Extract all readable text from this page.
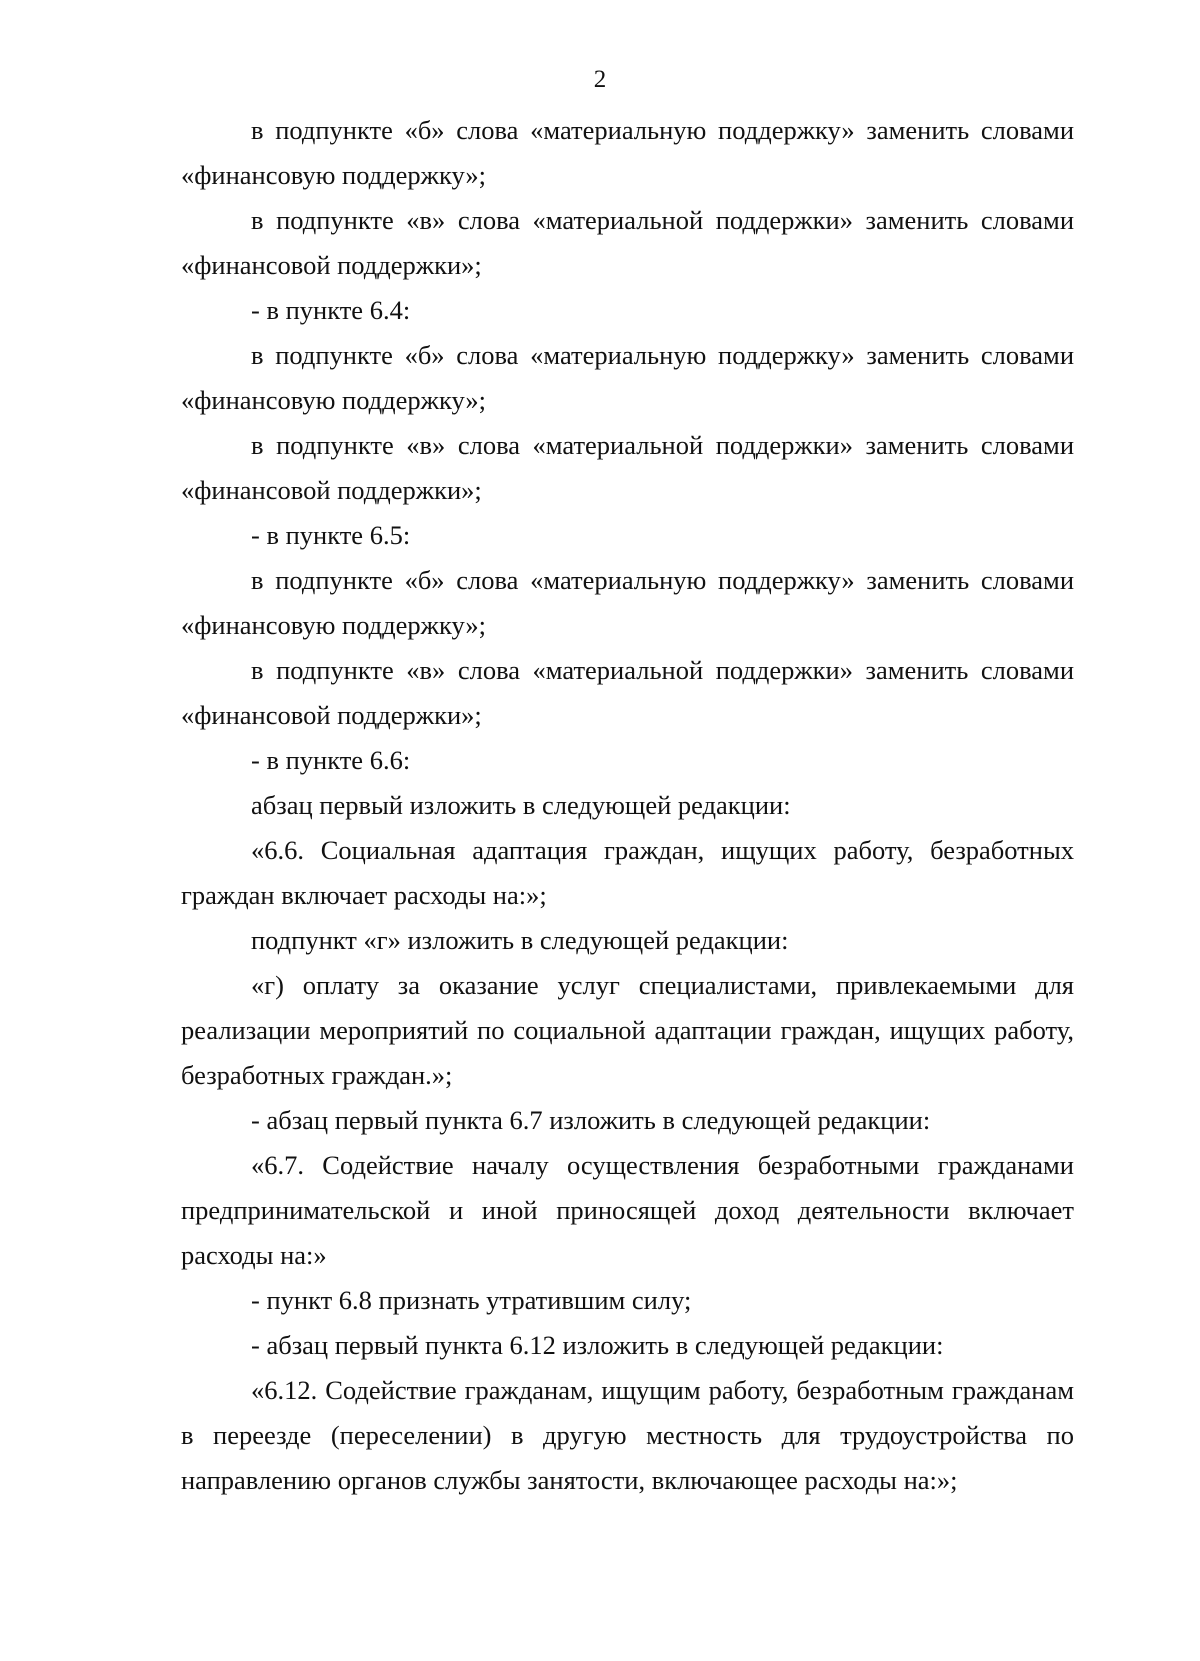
2

в подпункте «б» слова «материальную поддержку» заменить словами «финансовую поддержку»;

в подпункте «в» слова «материальной поддержки» заменить словами «финансовой поддержки»;

- в пункте 6.4:

в подпункте «б» слова «материальную поддержку» заменить словами «финансовую поддержку»;

в подпункте «в» слова «материальной поддержки» заменить словами «финансовой поддержки»;

- в пункте 6.5:

в подпункте «б» слова «материальную поддержку» заменить словами «финансовую поддержку»;

в подпункте «в» слова «материальной поддержки» заменить словами «финансовой поддержки»;

- в пункте 6.6:

абзац первый изложить в следующей редакции:

«6.6. Социальная адаптация граждан, ищущих работу, безработных граждан включает расходы на:»;

подпункт «г» изложить в следующей редакции:

«г) оплату за оказание услуг специалистами, привлекаемыми для реализации мероприятий по социальной адаптации граждан, ищущих работу, безработных граждан.»;

- абзац первый пункта 6.7 изложить в следующей редакции:

«6.7. Содействие началу осуществления безработными гражданами предпринимательской и иной приносящей доход деятельности включает расходы на:»

- пункт 6.8 признать утратившим силу;

- абзац первый пункта 6.12 изложить в следующей редакции:

«6.12. Содействие гражданам, ищущим работу, безработным гражданам в переезде (переселении) в другую местность для трудоустройства по направлению органов службы занятости, включающее расходы на:»;
